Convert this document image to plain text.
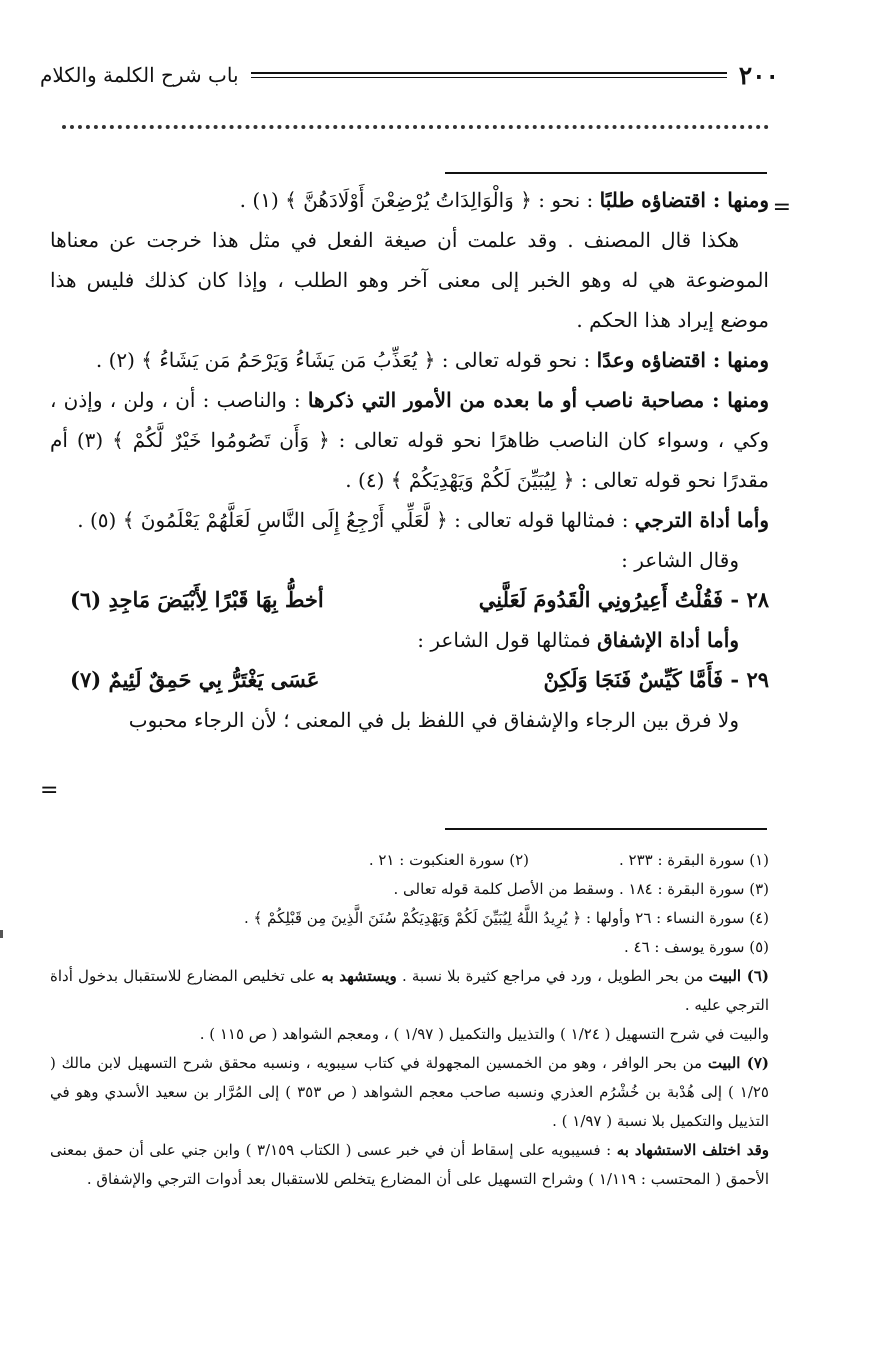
٢٠٠
باب شرح الكلمة والكلام
=

ومنها : اقتضاؤه طلبًا : نحو : ﴿ وَالْوَالِدَاتُ يُرْضِعْنَ أَوْلَادَهُنَّ ﴾ (١) .

هكذا قال المصنف . وقد علمت أن صيغة الفعل في مثل هذا خرجت عن معناها الموضوعة هي له وهو الخبر إلى معنى آخر وهو الطلب ، وإذا كان كذلك فليس هذا موضع إيراد هذا الحكم .

ومنها : اقتضاؤه وعدًا : نحو قوله تعالى : ﴿ يُعَذِّبُ مَن يَشَاءُ وَيَرْحَمُ مَن يَشَاءُ ﴾ (٢) .

ومنها : مصاحبة ناصب أو ما بعده من الأمور التي ذكرها : والناصب : أن ، ولن ، وإذن ، وكي ، وسواء كان الناصب ظاهرًا نحو قوله تعالى : ﴿ وَأَن تَصُومُوا خَيْرٌ لَّكُمْ ﴾ (٣) أم مقدرًا نحو قوله تعالى : ﴿ لِيُبَيِّنَ لَكُمْ وَيَهْدِيَكُمْ ﴾ (٤) .

وأما أداة الترجي : فمثالها قوله تعالى : ﴿ لَّعَلِّي أَرْجِعُ إِلَى النَّاسِ لَعَلَّهُمْ يَعْلَمُونَ ﴾ (٥) .

وقال الشاعر :

٢٨ - فَقُلْتُ أَعِيرُونِي الْقَدُومَ لَعَلَّنِي
أخطُّ بِهَا قَبْرًا لِأَبْيَضَ مَاجِدِ (٦)

وأما أداة الإشفاق فمثالها قول الشاعر :

٢٩ - فَأَمَّا كَيِّسٌ فَنَجَا وَلَكِنْ
عَسَى يَغْتَرُّ بِي حَمِقٌ لَئِيمٌ (٧)

ولا فرق بين الرجاء والإشفاق في اللفظ بل في المعنى ؛ لأن الرجاء محبوب

=
(١) سورة البقرة : ٢٣٣ .
(٢) سورة العنكبوت : ٢١ .

(٣) سورة البقرة : ١٨٤ . وسقط من الأصل كلمة قوله تعالى .

(٤) سورة النساء : ٢٦ وأولها : ﴿ يُرِيدُ اللَّهُ لِيُبَيِّنَ لَكُمْ وَيَهْدِيَكُمْ سُنَنَ الَّذِينَ مِن قَبْلِكُمْ ﴾ .

(٥) سورة يوسف : ٤٦ .

(٦) البيت من بحر الطويل ، ورد في مراجع كثيرة بلا نسبة . ويستشهد به على تخليص المضارع للاستقبال بدخول أداة الترجي عليه .

والبيت في شرح التسهيل ( ١/٢٤ ) والتذييل والتكميل ( ١/٩٧ ) ، ومعجم الشواهد ( ص ١١٥ ) .

(٧) البيت من بحر الوافر ، وهو من الخمسين المجهولة في كتاب سيبويه ، ونسبه محقق شرح التسهيل لابن مالك ( ١/٢٥ ) إلى هُدْبة بن خُشْرُم العذري ونسبه صاحب معجم الشواهد ( ص ٣٥٣ ) إلى المُرَّار بن سعيد الأسدي وهو في التذييل والتكميل بلا نسبة ( ١/٩٧ ) .

وقد اختلف الاستشهاد به : فسيبويه على إسقاط أن في خبر عسى ( الكتاب ٣/١٥٩ ) وابن جني على أن حمق بمعنى الأحمق ( المحتسب : ١/١١٩ ) وشراح التسهيل على أن المضارع يتخلص للاستقبال بعد أدوات الترجي والإشفاق .
